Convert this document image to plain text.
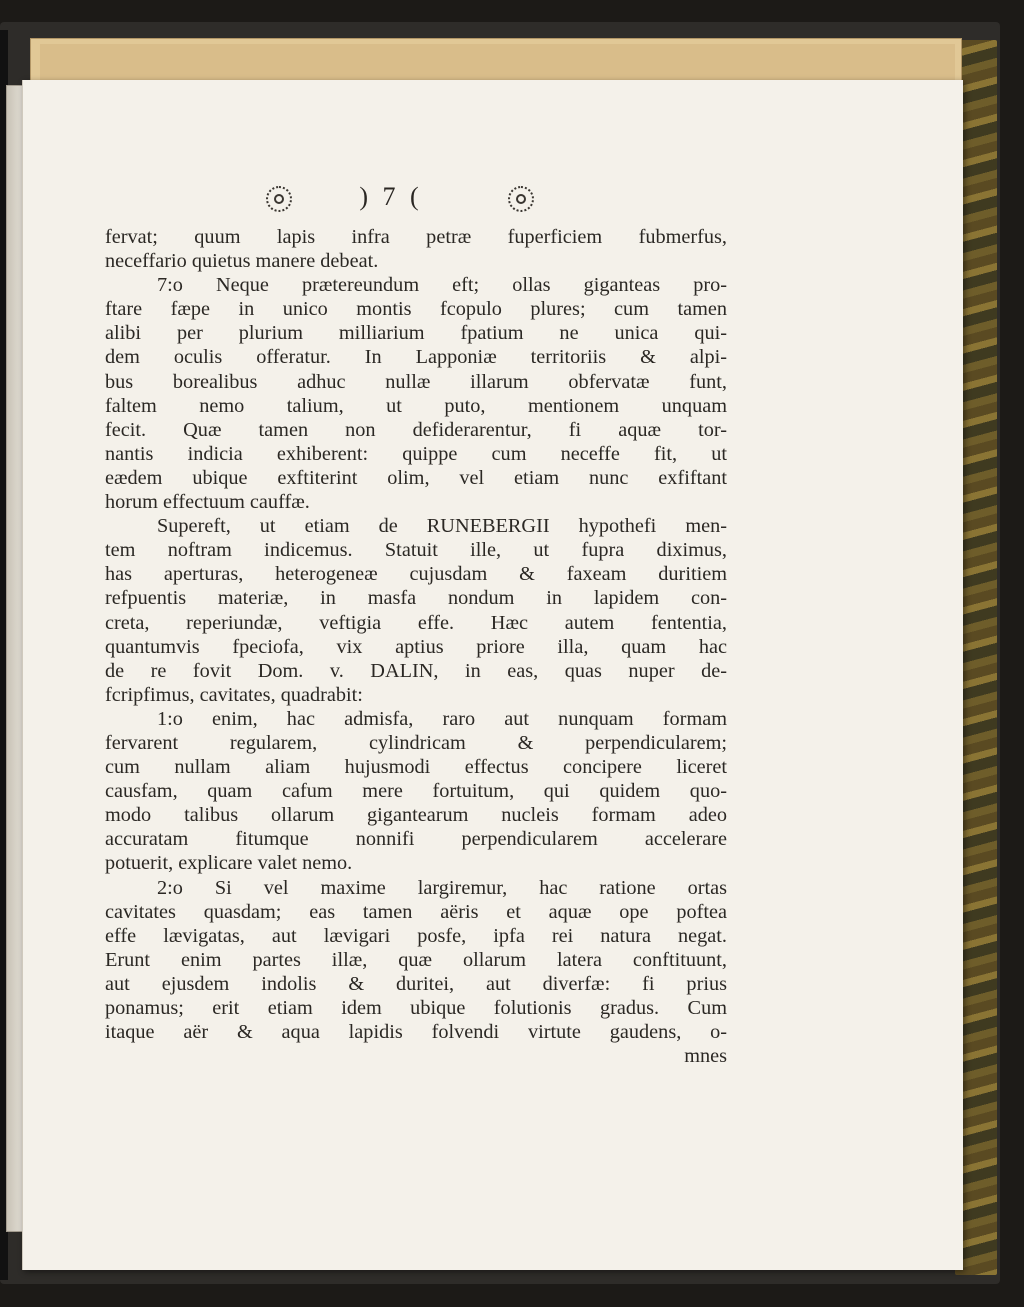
) 7 (
fervat; quum lapis infra petræ fuperficiem fubmerfus,
neceffario quietus manere debeat.
7:o Neque prætereundum eft; ollas giganteas pro-
ftare fæpe in unico montis fcopulo plures; cum tamen
alibi per plurium milliarium fpatium ne unica qui-
dem oculis offeratur. In Lapponiæ territoriis & alpi-
bus borealibus adhuc nullæ illarum obfervatæ funt,
faltem nemo talium, ut puto, mentionem unquam
fecit. Quæ tamen non defiderarentur, fi aquæ tor-
nantis indicia exhiberent: quippe cum neceffe fit, ut
eædem ubique exftiterint olim, vel etiam nunc exfiftant
horum effectuum cauffæ.
Supereft, ut etiam de RUNEBERGII hypothefi men-
tem noftram indicemus. Statuit ille, ut fupra diximus,
has aperturas, heterogeneæ cujusdam & faxeam duritiem
refpuentis materiæ, in masfa nondum in lapidem con-
creta, reperiundæ, veftigia effe. Hæc autem fententia,
quantumvis fpeciofa, vix aptius priore illa, quam hac
de re fovit Dom. v. DALIN, in eas, quas nuper de-
fcripfimus, cavitates, quadrabit:
1:o enim, hac admisfa, raro aut nunquam formam
fervarent regularem, cylindricam & perpendicularem;
cum nullam aliam hujusmodi effectus concipere liceret
causfam, quam cafum mere fortuitum, qui quidem quo-
modo talibus ollarum gigantearum nucleis formam adeo
accuratam fitumque nonnifi perpendicularem accelerare
potuerit, explicare valet nemo.
2:o Si vel maxime largiremur, hac ratione ortas
cavitates quasdam; eas tamen aëris et aquæ ope poftea
effe lævigatas, aut lævigari posfe, ipfa rei natura negat.
Erunt enim partes illæ, quæ ollarum latera conftituunt,
aut ejusdem indolis & duritei, aut diverfæ: fi prius
ponamus; erit etiam idem ubique folutionis gradus. Cum
itaque aër & aqua lapidis folvendi virtute gaudens, o-
mnes
